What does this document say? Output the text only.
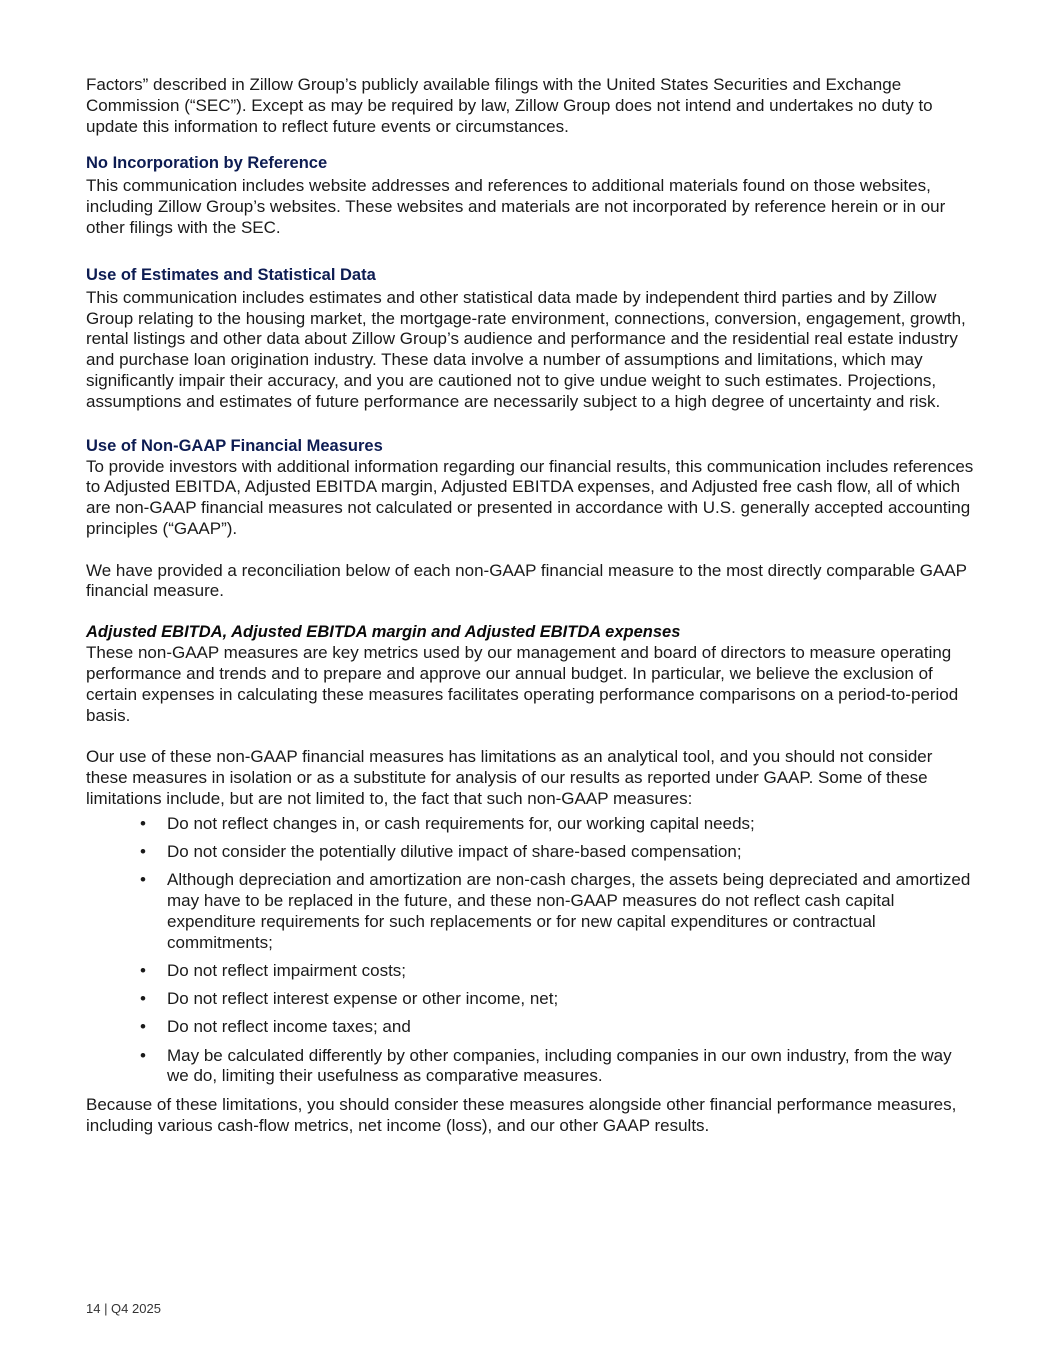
Factors” described in Zillow Group’s publicly available filings with the United States Securities and Exchange Commission (“SEC”). Except as may be required by law, Zillow Group does not intend and undertakes no duty to update this information to reflect future events or circumstances.

No Incorporation by Reference

This communication includes website addresses and references to additional materials found on those websites, including Zillow Group’s websites. These websites and materials are not incorporated by reference herein or in our other filings with the SEC.

Use of Estimates and Statistical Data

This communication includes estimates and other statistical data made by independent third parties and by Zillow Group relating to the housing market, the mortgage-rate environment, connections, conversion, engagement, growth, rental listings and other data about Zillow Group’s audience and performance and the residential real estate industry and purchase loan origination industry. These data involve a number of assumptions and limitations, which may significantly impair their accuracy, and you are cautioned not to give undue weight to such estimates. Projections, assumptions and estimates of future performance are necessarily subject to a high degree of uncertainty and risk.

Use of Non-GAAP Financial Measures

To provide investors with additional information regarding our financial results, this communication includes references to Adjusted EBITDA, Adjusted EBITDA margin, Adjusted EBITDA expenses, and Adjusted free cash flow, all of which are non-GAAP financial measures not calculated or presented in accordance with U.S. generally accepted accounting principles (“GAAP”).

We have provided a reconciliation below of each non-GAAP financial measure to the most directly comparable GAAP financial measure.

Adjusted EBITDA, Adjusted EBITDA margin and Adjusted EBITDA expenses

These non-GAAP measures are key metrics used by our management and board of directors to measure operating performance and trends and to prepare and approve our annual budget. In particular, we believe the exclusion of certain expenses in calculating these measures facilitates operating performance comparisons on a period-to-period basis.

Our use of these non-GAAP financial measures has limitations as an analytical tool, and you should not consider these measures in isolation or as a substitute for analysis of our results as reported under GAAP. Some of these limitations include, but are not limited to, the fact that such non-GAAP measures:

• Do not reflect changes in, or cash requirements for, our working capital needs;
• Do not consider the potentially dilutive impact of share-based compensation;
• Although depreciation and amortization are non-cash charges, the assets being depreciated and amortized may have to be replaced in the future, and these non-GAAP measures do not reflect cash capital expenditure requirements for such replacements or for new capital expenditures or contractual commitments;
• Do not reflect impairment costs;
• Do not reflect interest expense or other income, net;
• Do not reflect income taxes; and
• May be calculated differently by other companies, including companies in our own industry, from the way we do, limiting their usefulness as comparative measures.

Because of these limitations, you should consider these measures alongside other financial performance measures, including various cash-flow metrics, net income (loss), and our other GAAP results.

14 | Q4 2025
